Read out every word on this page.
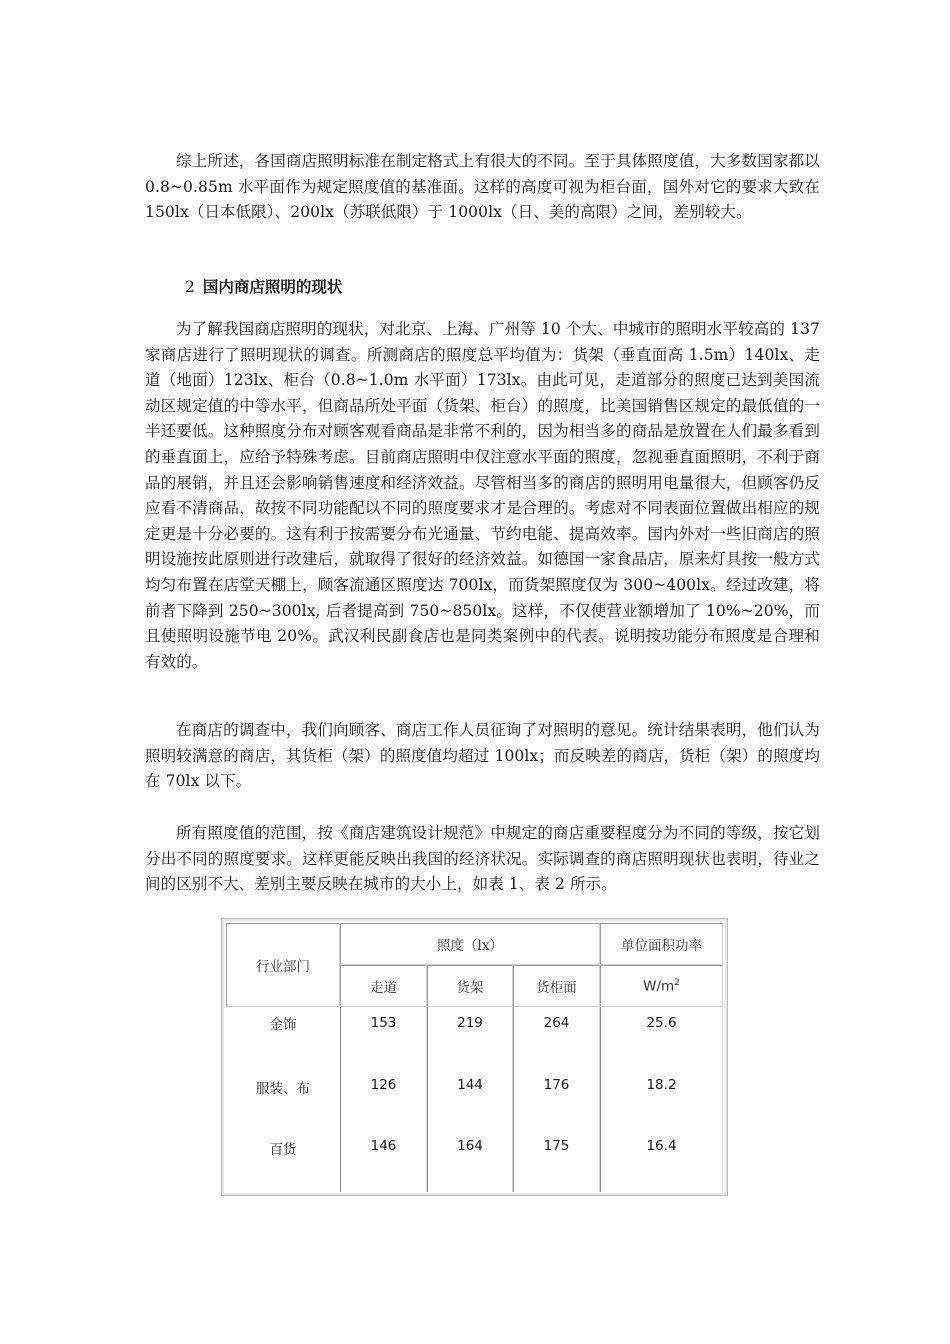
综上所述，各国商店照明标准在制定格式上有很大的不同。至于具体照度值，大多数国家都以 0.8~0.85m 水平面作为规定照度值的基准面。这样的高度可视为柜台面，国外对它的要求大致在 150lx（日本低限）、200lx（苏联低限）于 1000lx（日、美的高限）之间，差别较大。

2 国内商店照明的现状

为了解我国商店照明的现状，对北京、上海、广州等 10 个大、中城市的照明水平较高的 137 家商店进行了照明现状的调查。所测商店的照度总平均值为：货架（垂直面高 1.5m）140lx、走道（地面）123lx、柜台（0.8~1.0m 水平面）173lx。由此可见，走道部分的照度已达到美国流动区规定值的中等水平，但商品所处平面（货架、柜台）的照度，比美国销售区规定的最低值的一半还要低。这种照度分布对顾客观看商品是非常不利的，因为相当多的商品是放置在人们最多看到的垂直面上，应给予特殊考虑。目前商店照明中仅注意水平面的照度，忽视垂直面照明，不利于商品的展销，并且还会影响销售速度和经济效益。尽管相当多的商店的照明用电量很大，但顾客仍反应看不清商品，故按不同功能配以不同的照度要求才是合理的。考虑对不同表面位置做出相应的规定更是十分必要的。这有利于按需要分布光通量、节约电能、提高效率。国内外对一些旧商店的照明设施按此原则进行改建后，就取得了很好的经济效益。如德国一家食品店，原来灯具按一般方式均匀布置在店堂天棚上，顾客流通区照度达 700lx，而货架照度仅为 300~400lx。经过改建，将前者下降到 250~300lx, 后者提高到 750~850lx。这样，不仅使营业额增加了 10%~20%，而且使照明设施节电 20%。武汉利民副食店也是同类案例中的代表。说明按功能分布照度是合理和有效的。

在商店的调查中，我们向顾客、商店工作人员征询了对照明的意见。统计结果表明，他们认为照明较满意的商店，其货柜（架）的照度值均超过 100lx；而反映差的商店，货柜（架）的照度均在 70lx 以下。

所有照度值的范围，按《商店建筑设计规范》中规定的商店重要程度分为不同的等级，按它划分出不同的照度要求。这样更能反映出我国的经济状况。实际调查的商店照明现状也表明，待业之间的区别不大、差别主要反映在城市的大小上，如表 1、表 2 所示。

行业部门	照度（lx）			单位面积功率
	走道	货架	货柜面	$W/m^2$
金饰	153	219	264	25.6
服装、布	126	144	176	18.2
百货	146	164	175	16.4
